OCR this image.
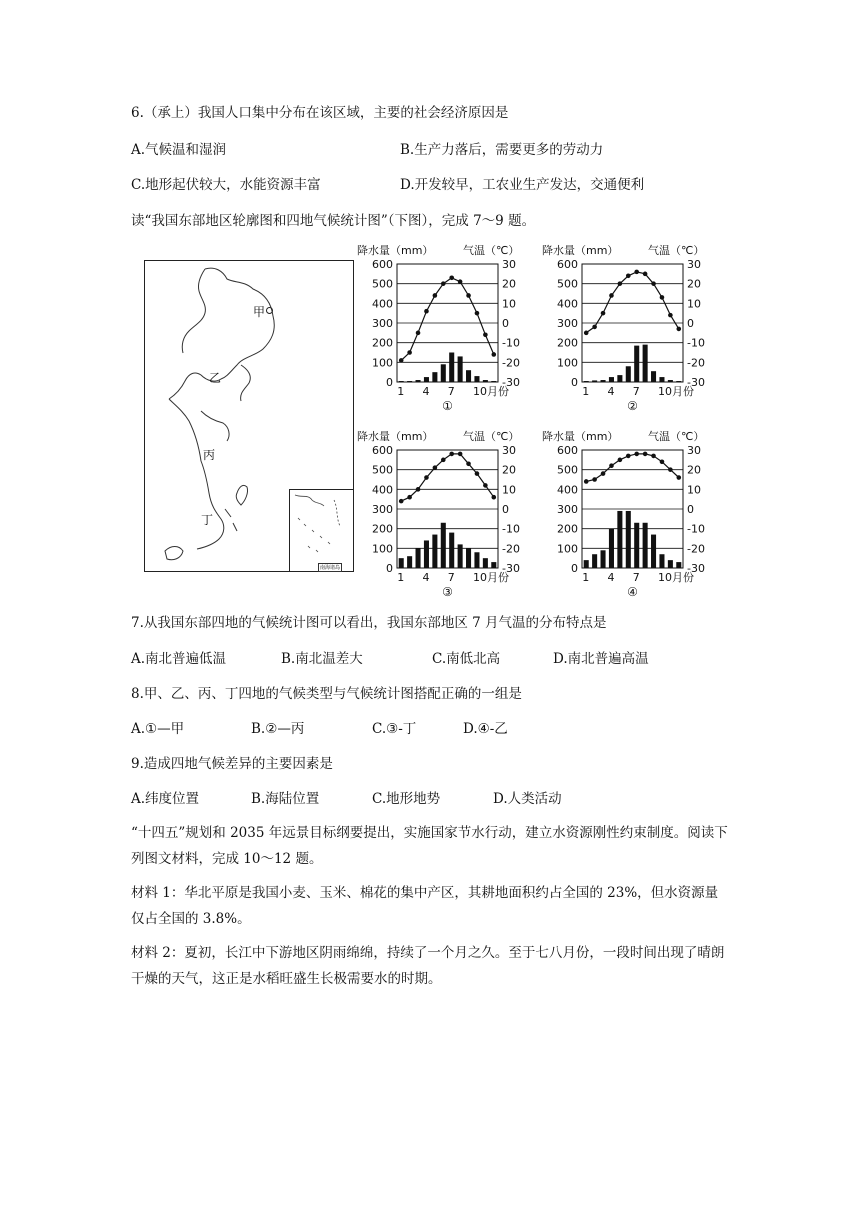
6.（承上）我国人口集中分布在该区域，主要的社会经济原因是
A.气候温和湿润	B.生产力落后，需要更多的劳动力
C.地形起伏较大，水能资源丰富	D.开发较早，工农业生产发达，交通便利
读“我国东部地区轮廓图和四地气候统计图”（下图），完成 7～9 题。
甲
乙
丙
丁
南海诸岛
降水量（mm）	气温（℃）
0
100
200
300
400
500
600
-30
-20
-10
0
10
20
30
1 4 7 10月份
①
降水量（mm）	气温（℃）
0
100
200
300
400
500
600
-30
-20
-10
0
10
20
30
1 4 7 10月份
②
降水量（mm）	气温（℃）
0
100
200
300
400
500
600
-30
-20
-10
0
10
20
30
1 4 7 10月份
③
降水量（mm）	气温（℃）
0
100
200
300
400
500
600
-30
-20
-10
0
10
20
30
1 4 7 10月份
④
7.从我国东部四地的气候统计图可以看出，我国东部地区 7 月气温的分布特点是
A.南北普遍低温	B.南北温差大	C.南低北高	D.南北普遍高温
8.甲、乙、丙、丁四地的气候类型与气候统计图搭配正确的一组是
A.①—甲	B.②—丙	C.③-丁	D.④-乙
9.造成四地气候差异的主要因素是
A.纬度位置	B.海陆位置	C.地形地势	D.人类活动
“十四五”规划和 2035 年远景目标纲要提出，实施国家节水行动，建立水资源刚性约束制度。阅读下列图文材料，完成 10～12 题。
材料 1：华北平原是我国小麦、玉米、棉花的集中产区，其耕地面积约占全国的 23%，但水资源量仅占全国的 3.8%。
材料 2：夏初，长江中下游地区阴雨绵绵，持续了一个月之久。至于七八月份，一段时间出现了晴朗干燥的天气，这正是水稻旺盛生长极需要水的时期。
